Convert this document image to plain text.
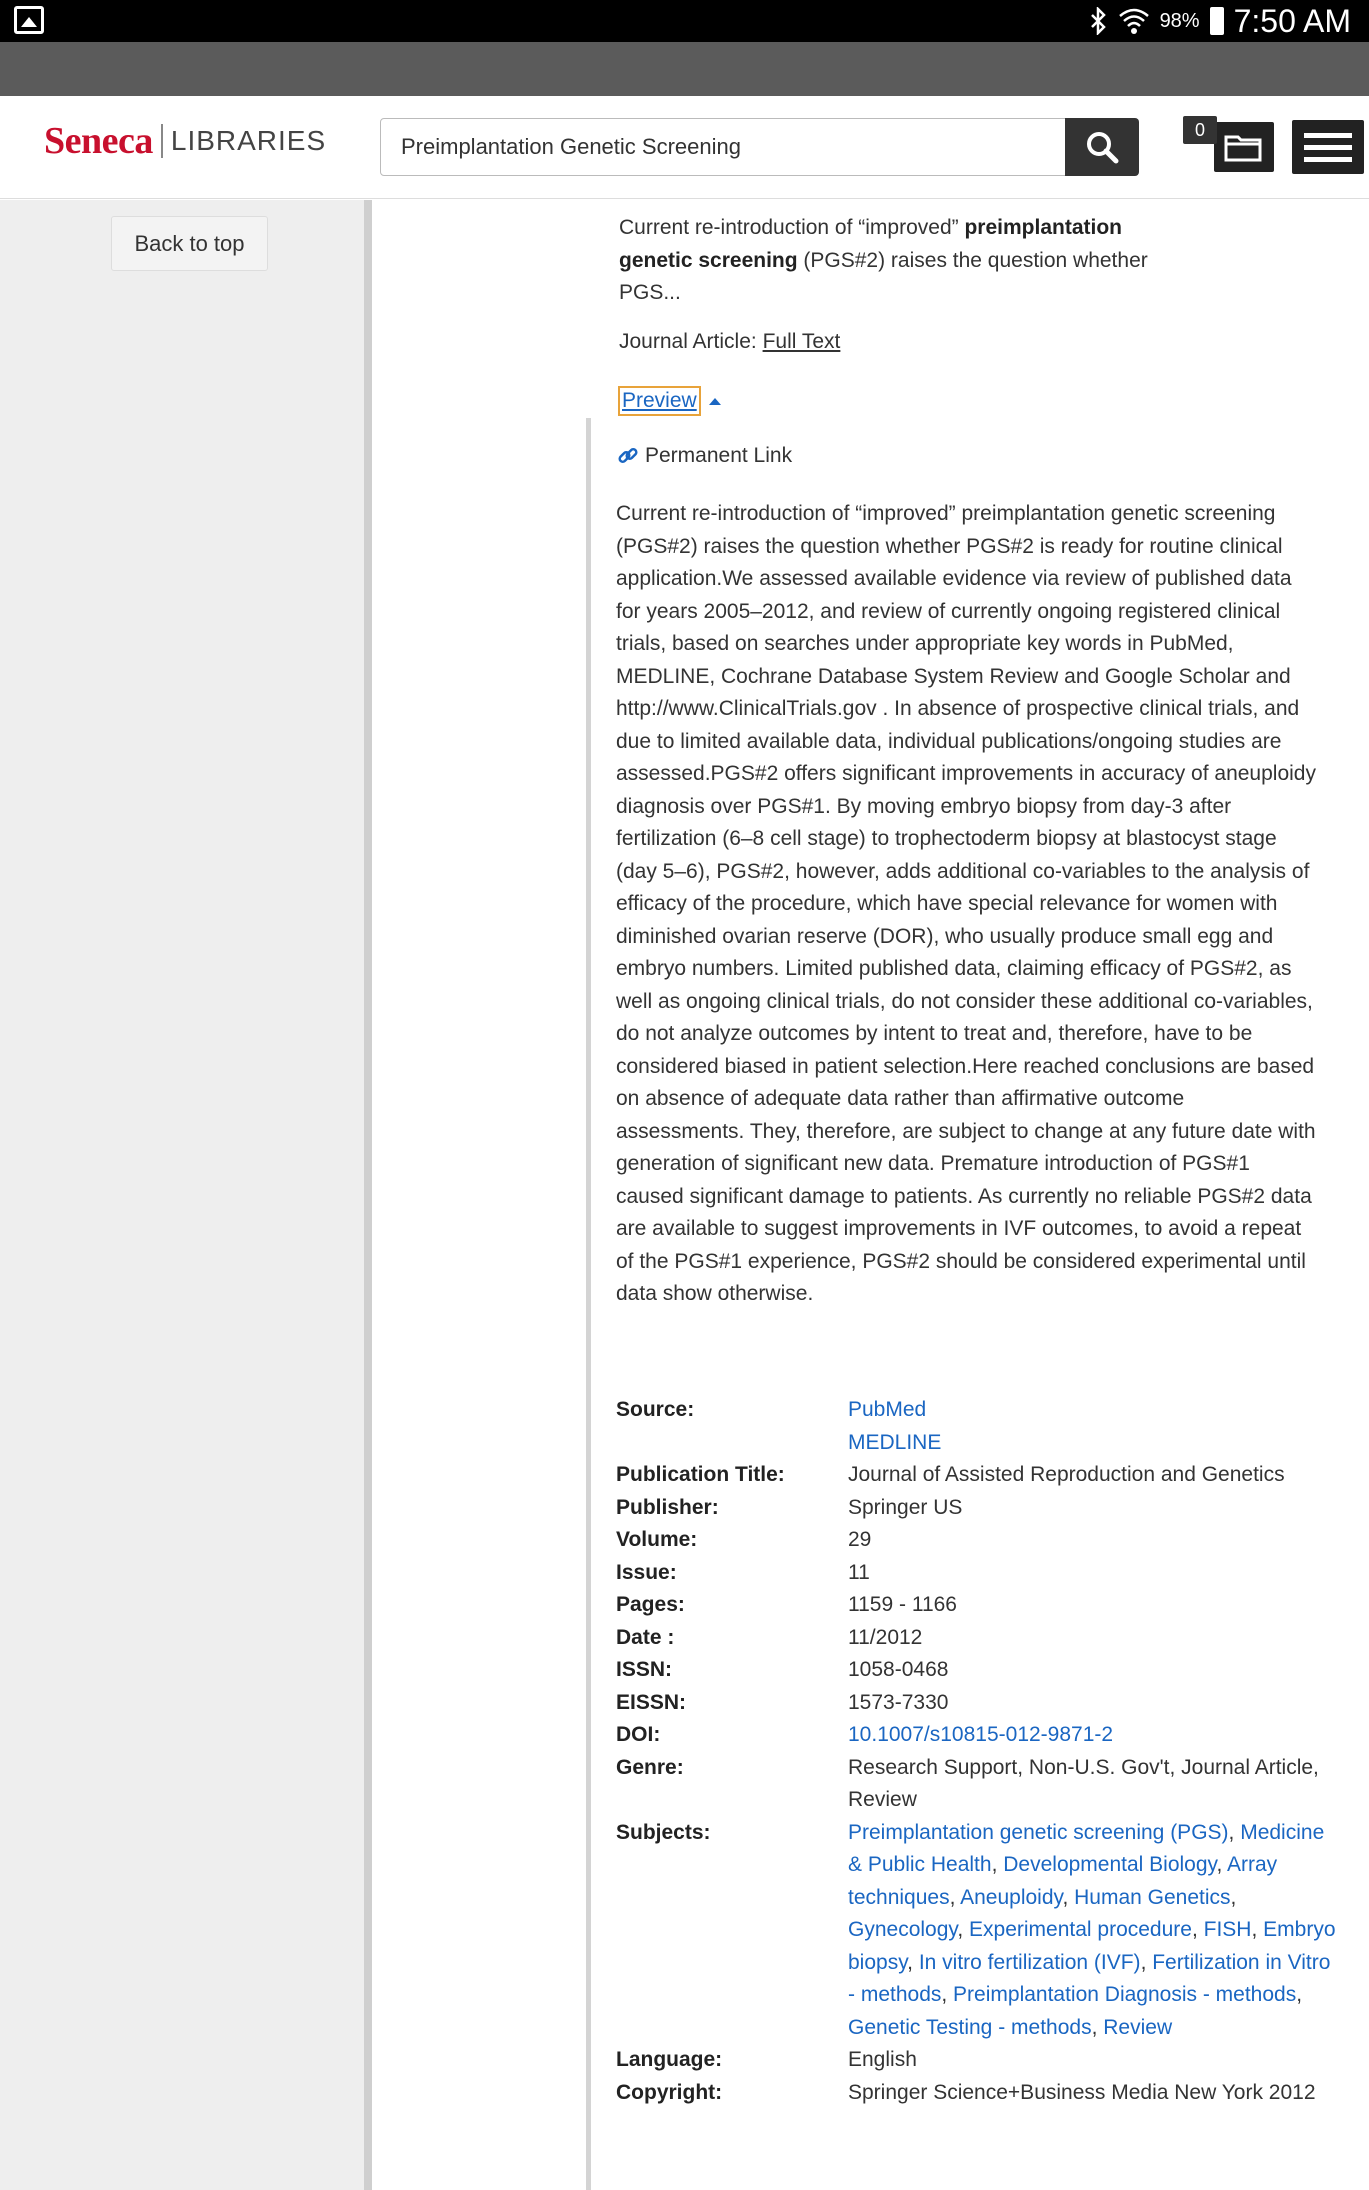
98% 7:50 AM
Seneca LIBRARIES	Preimplantation Genetic Screening
0
Back to top
Current re-introduction of “improved” preimplantation genetic screening (PGS#2) raises the question whether PGS...
Journal Article: Full Text
Preview
Permanent Link
Current re-introduction of “improved” preimplantation genetic screening (PGS#2) raises the question whether PGS#2 is ready for routine clinical application.We assessed available evidence via review of published data for years 2005–2012, and review of currently ongoing registered clinical trials, based on searches under appropriate key words in PubMed, MEDLINE, Cochrane Database System Review and Google Scholar and http://www.ClinicalTrials.gov . In absence of prospective clinical trials, and due to limited available data, individual publications/ongoing studies are assessed.PGS#2 offers significant improvements in accuracy of aneuploidy diagnosis over PGS#1. By moving embryo biopsy from day-3 after fertilization (6–8 cell stage) to trophectoderm biopsy at blastocyst stage (day 5–6), PGS#2, however, adds additional co-variables to the analysis of efficacy of the procedure, which have special relevance for women with diminished ovarian reserve (DOR), who usually produce small egg and embryo numbers. Limited published data, claiming efficacy of PGS#2, as well as ongoing clinical trials, do not consider these additional co-variables, do not analyze outcomes by intent to treat and, therefore, have to be considered biased in patient selection.Here reached conclusions are based on absence of adequate data rather than affirmative outcome assessments. They, therefore, are subject to change at any future date with generation of significant new data. Premature introduction of PGS#1 caused significant damage to patients. As currently no reliable PGS#2 data are available to suggest improvements in IVF outcomes, to avoid a repeat of the PGS#1 experience, PGS#2 should be considered experimental until data show otherwise.
Source:	PubMed
MEDLINE
Publication Title:	Journal of Assisted Reproduction and Genetics
Publisher:	Springer US
Volume:	29
Issue:	11
Pages:	1159 - 1166
Date :	11/2012
ISSN:	1058-0468
EISSN:	1573-7330
DOI:	10.1007/s10815-012-9871-2
Genre:	Research Support, Non-U.S. Gov't, Journal Article, Review
Subjects:	Preimplantation genetic screening (PGS), Medicine & Public Health, Developmental Biology, Array techniques, Aneuploidy, Human Genetics, Gynecology, Experimental procedure, FISH, Embryo biopsy, In vitro fertilization (IVF), Fertilization in Vitro - methods, Preimplantation Diagnosis - methods, Genetic Testing - methods, Review
Language:	English
Copyright:	Springer Science+Business Media New York 2012
